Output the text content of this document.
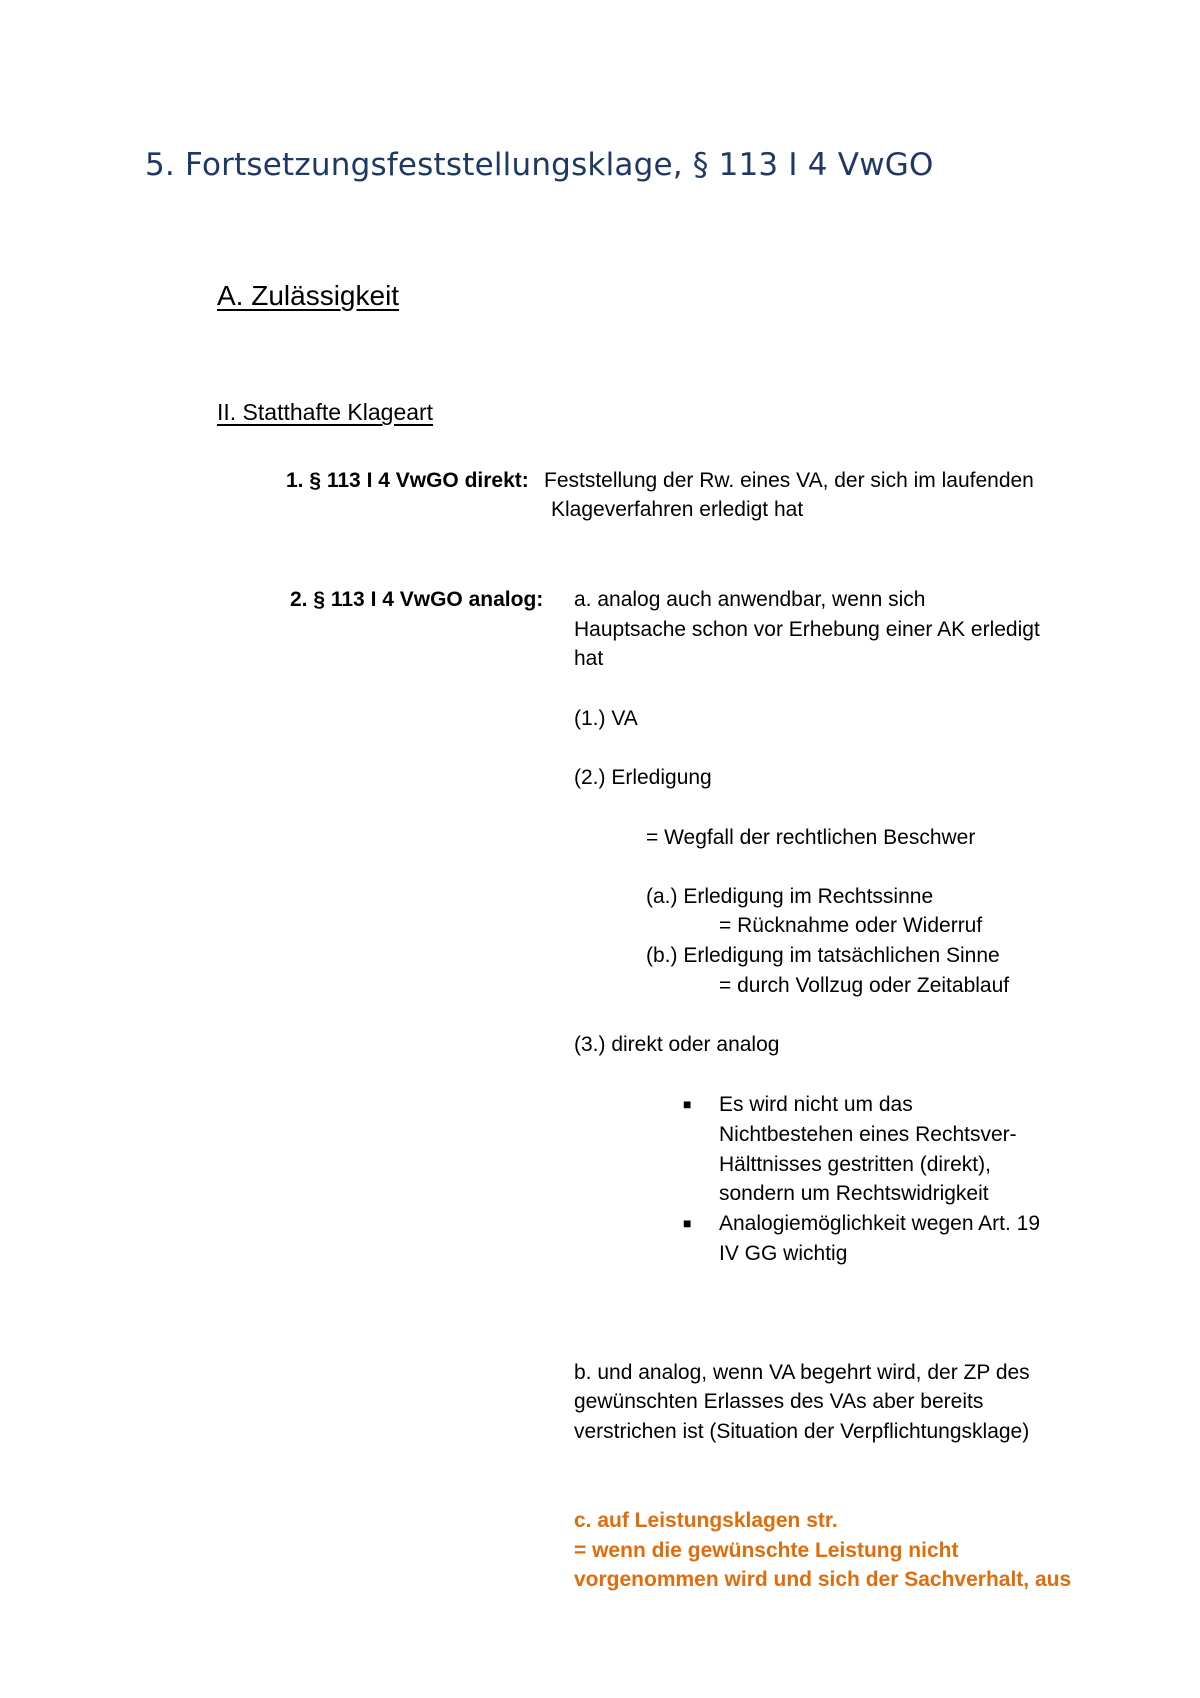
5. Fortsetzungsfeststellungsklage, § 113 I 4 VwGO
A. Zulässigkeit
II. Statthafte Klageart
1. § 113 I 4 VwGO direkt: Feststellung der Rw. eines VA, der sich im laufenden
Klageverfahren erledigt hat
2. § 113 I 4 VwGO analog: a. analog auch anwendbar, wenn sich
Hauptsache schon vor Erhebung einer AK erledigt
hat
(1.) VA
(2.) Erledigung
= Wegfall der rechtlichen Beschwer
(a.) Erledigung im Rechtssinne
= Rücknahme oder Widerruf
(b.) Erledigung im tatsächlichen Sinne
= durch Vollzug oder Zeitablauf
(3.) direkt oder analog
■ Es wird nicht um das
Nichtbestehen eines Rechtsver-
Hälttnisses gestritten (direkt),
sondern um Rechtswidrigkeit
■ Analogiemöglichkeit wegen Art. 19
IV GG wichtig
b. und analog, wenn VA begehrt wird, der ZP des
gewünschten Erlasses des VAs aber bereits
verstrichen ist (Situation der Verpflichtungsklage)
c. auf Leistungsklagen str.
= wenn die gewünschte Leistung nicht
vorgenommen wird und sich der Sachverhalt, aus
